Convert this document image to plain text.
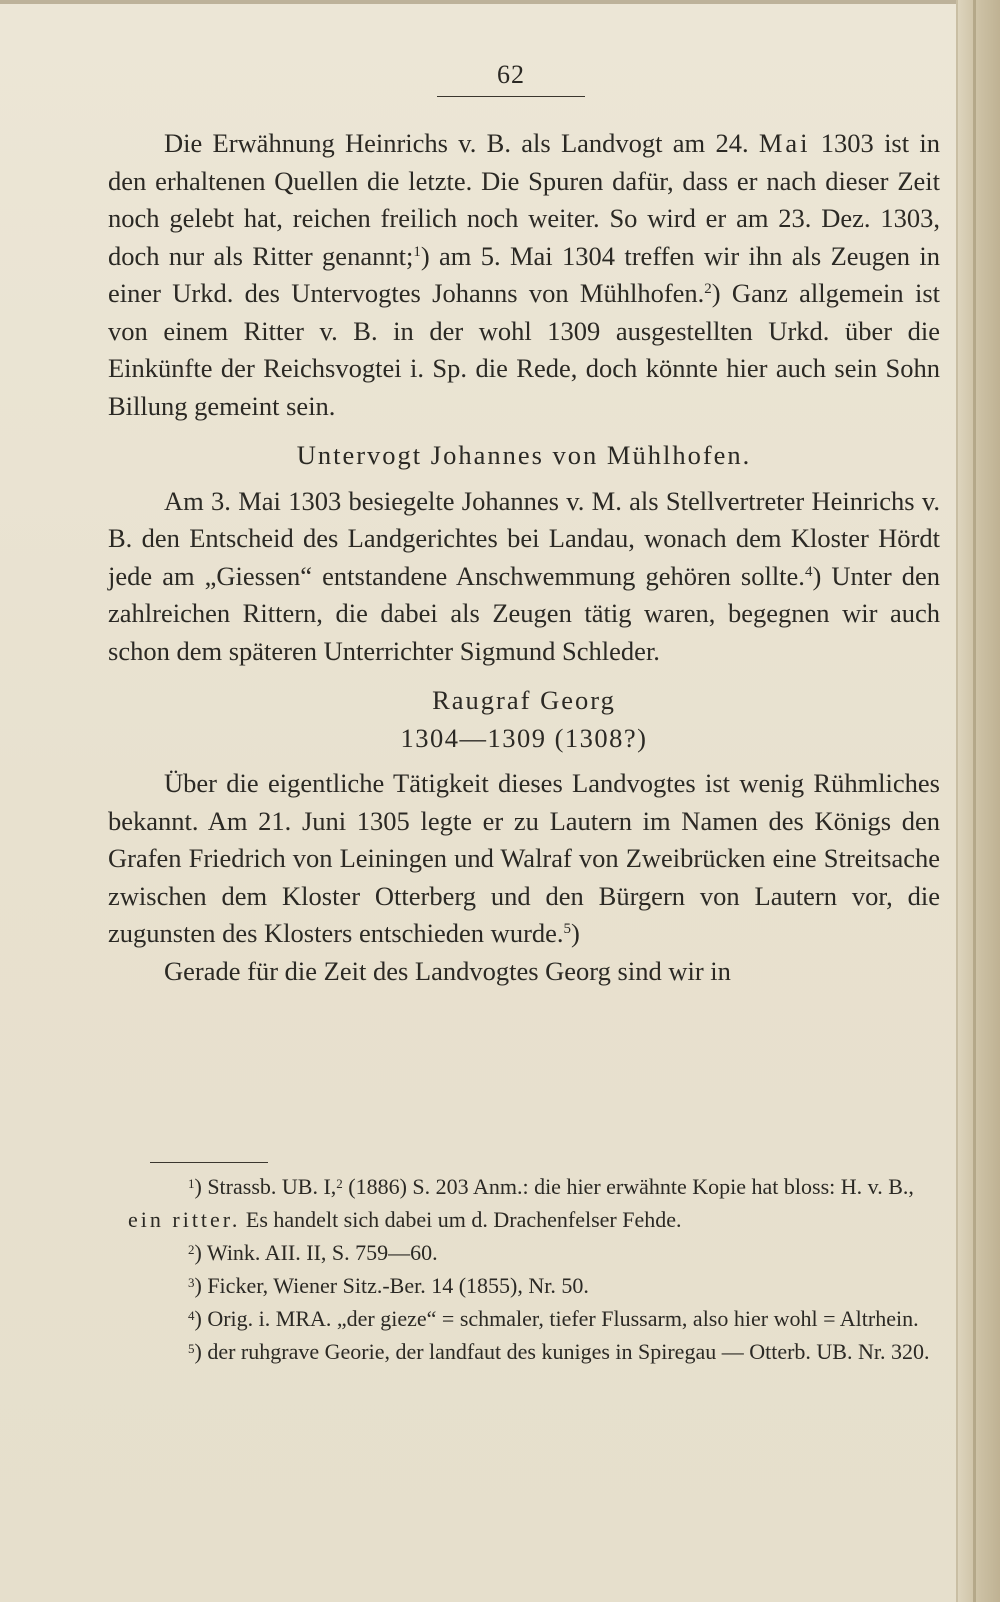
62

Die Erwähnung Heinrichs v. B. als Landvogt am 24. Mai 1303 ist in den erhaltenen Quellen die letzte. Die Spuren dafür, dass er nach dieser Zeit noch gelebt hat, reichen freilich noch weiter. So wird er am 23. Dez. 1303, doch nur als Ritter genannt;$^1$) am 5. Mai 1304 treffen wir ihn als Zeugen in einer Urkd. des Untervogtes Johanns von Mühlhofen.$^2$) Ganz allgemein ist von einem Ritter v. B. in der wohl 1309 ausgestellten Urkd. über die Einkünfte der Reichsvogtei i. Sp. die Rede, doch könnte hier auch sein Sohn Billung gemeint sein.

Untervogt Johannes von Mühlhofen.

Am 3. Mai 1303 besiegelte Johannes v. M. als Stellvertreter Heinrichs v. B. den Entscheid des Landgerichtes bei Landau, wonach dem Kloster Hördt jede am „Giessen“ entstandene Anschwemmung gehören sollte.$^4$) Unter den zahlreichen Rittern, die dabei als Zeugen tätig waren, begegnen wir auch schon dem späteren Unterrichter Sigmund Schleder.

Raugraf Georg

1304—1309 (1308?)

Über die eigentliche Tätigkeit dieses Landvogtes ist wenig Rühmliches bekannt. Am 21. Juni 1305 legte er zu Lautern im Namen des Königs den Grafen Friedrich von Leiningen und Walraf von Zweibrücken eine Streitsache zwischen dem Kloster Otterberg und den Bürgern von Lautern vor, die zugunsten des Klosters entschieden wurde.$^5$)

Gerade für die Zeit des Landvogtes Georg sind wir in

$^1$) Strassb. UB. I,$^2$ (1886) S. 203 Anm.: die hier erwähnte Kopie hat bloss: H. v. B., ein ritter. Es handelt sich dabei um d. Drachenfelser Fehde.

$^2$) Wink. AII. II, S. 759—60.

$^3$) Ficker, Wiener Sitz.-Ber. 14 (1855), Nr. 50.

$^4$) Orig. i. MRA. „der gieze“ = schmaler, tiefer Flussarm, also hier wohl = Altrhein.

$^5$) der ruhgrave Georie, der landfaut des kuniges in Spiregau — Otterb. UB. Nr. 320.
